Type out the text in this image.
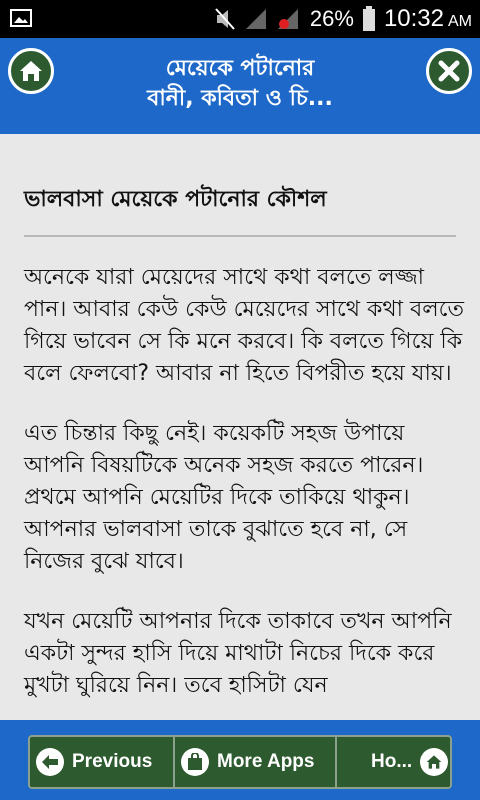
26% 10:32 AM
মেয়েকে পটানোর
বানী, কবিতা ও চি...
ভালবাসা মেয়েকে পটানোর কৌশল

অনেকে যারা মেয়েদের সাথে কথা বলতে লজ্জা পান। আবার কেউ কেউ মেয়েদের সাথে কথা বলতে গিয়ে ভাবেন সে কি মনে করবে। কি বলতে গিয়ে কি বলে ফেলবো? আবার না হিতে বিপরীত হয়ে যায়।

এত চিন্তার কিছু নেই। কয়েকটি সহজ উপায়ে আপনি বিষয়টিকে অনেক সহজ করতে পারেন।প্রথমে আপনি মেয়েটির দিকে তাকিয়ে থাকুন।আপনার ভালবাসা তাকে বুঝাতে হবে না, সে নিজের বুঝে যাবে।

যখন মেয়েটি আপনার দিকে তাকাবে তখন আপনি একটা সুন্দর হাসি দিয়ে মাথাটা নিচের দিকে করে মুখটা ঘুরিয়ে নিন। তবে হাসিটা যেন

Previous	More Apps	Ho...
